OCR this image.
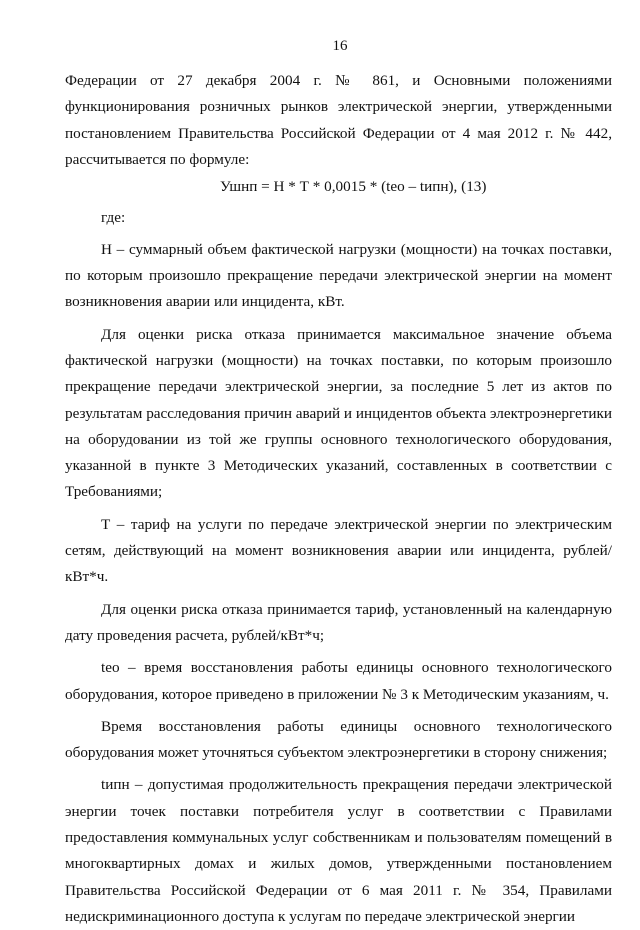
16

Федерации от 27 декабря 2004 г. № 861, и Основными положениями функционирования розничных рынков электрической энергии, утвержденными постановлением Правительства Российской Федерации от 4 мая 2012 г. № 442, рассчитывается по формуле:

Ушнп = Н * Т * 0,0015 * (tео – tипн), (13)

где:

Н – суммарный объем фактической нагрузки (мощности) на точках поставки, по которым произошло прекращение передачи электрической энергии на момент возникновения аварии или инцидента, кВт.

Для оценки риска отказа принимается максимальное значение объема фактической нагрузки (мощности) на точках поставки, по которым произошло прекращение передачи электрической энергии, за последние 5 лет из актов по результатам расследования причин аварий и инцидентов объекта электроэнергетики на оборудовании из той же группы основного технологического оборудования, указанной в пункте 3 Методических указаний, составленных в соответствии с Требованиями;

Т – тариф на услуги по передаче электрической энергии по электрическим сетям, действующий на момент возникновения аварии или инцидента, рублей/кВт*ч.

Для оценки риска отказа принимается тариф, установленный на календарную дату проведения расчета, рублей/кВт*ч;

tео – время восстановления работы единицы основного технологического оборудования, которое приведено в приложении № 3 к Методическим указаниям, ч.

Время восстановления работы единицы основного технологического оборудования может уточняться субъектом электроэнергетики в сторону снижения;

tипн – допустимая продолжительность прекращения передачи электрической энергии точек поставки потребителя услуг в соответствии с Правилами предоставления коммунальных услуг собственникам и пользователям помещений в многоквартирных домах и жилых домов, утвержденными постановлением Правительства Российской Федерации от 6 мая 2011 г. № 354, Правилами недискриминационного доступа к услугам по передаче электрической энергии
